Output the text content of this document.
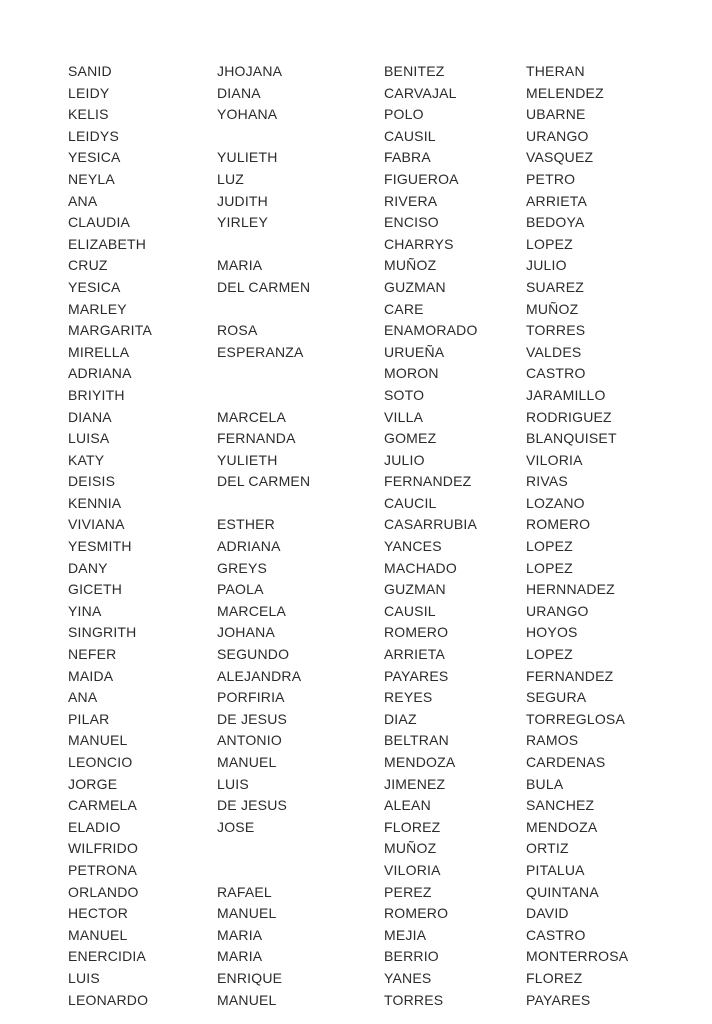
SANID	JHOJANA	BENITEZ	THERAN
LEIDY	DIANA	CARVAJAL	MELENDEZ
KELIS	YOHANA	POLO	UBARNE
LEIDYS		CAUSIL	URANGO
YESICA	YULIETH	FABRA	VASQUEZ
NEYLA	LUZ	FIGUEROA	PETRO
ANA	JUDITH	RIVERA	ARRIETA
CLAUDIA	YIRLEY	ENCISO	BEDOYA
ELIZABETH		CHARRYS	LOPEZ
CRUZ	MARIA	MUÑOZ	JULIO
YESICA	DEL CARMEN	GUZMAN	SUAREZ
MARLEY		CARE	MUÑOZ
MARGARITA	ROSA	ENAMORADO	TORRES
MIRELLA	ESPERANZA	URUEÑA	VALDES
ADRIANA		MORON	CASTRO
BRIYITH		SOTO	JARAMILLO
DIANA	MARCELA	VILLA	RODRIGUEZ
LUISA	FERNANDA	GOMEZ	BLANQUISET
KATY	YULIETH	JULIO	VILORIA
DEISIS	DEL CARMEN	FERNANDEZ	RIVAS
KENNIA		CAUCIL	LOZANO
VIVIANA	ESTHER	CASARRUBIA	ROMERO
YESMITH	ADRIANA	YANCES	LOPEZ
DANY	GREYS	MACHADO	LOPEZ
GICETH	PAOLA	GUZMAN	HERNNADEZ
YINA	MARCELA	CAUSIL	URANGO
SINGRITH	JOHANA	ROMERO	HOYOS
NEFER	SEGUNDO	ARRIETA	LOPEZ
MAIDA	ALEJANDRA	PAYARES	FERNANDEZ
ANA	PORFIRIA	REYES	SEGURA
PILAR	DE JESUS	DIAZ	TORREGLOSA
MANUEL	ANTONIO	BELTRAN	RAMOS
LEONCIO	MANUEL	MENDOZA	CARDENAS
JORGE	LUIS	JIMENEZ	BULA
CARMELA	DE JESUS	ALEAN	SANCHEZ
ELADIO	JOSE	FLOREZ	MENDOZA
WILFRIDO		MUÑOZ	ORTIZ
PETRONA		VILORIA	PITALUA
ORLANDO	RAFAEL	PEREZ	QUINTANA
HECTOR	MANUEL	ROMERO	DAVID
MANUEL	MARIA	MEJIA	CASTRO
ENERCIDIA	MARIA	BERRIO	MONTERROSA
LUIS	ENRIQUE	YANES	FLOREZ
LEONARDO	MANUEL	TORRES	PAYARES
